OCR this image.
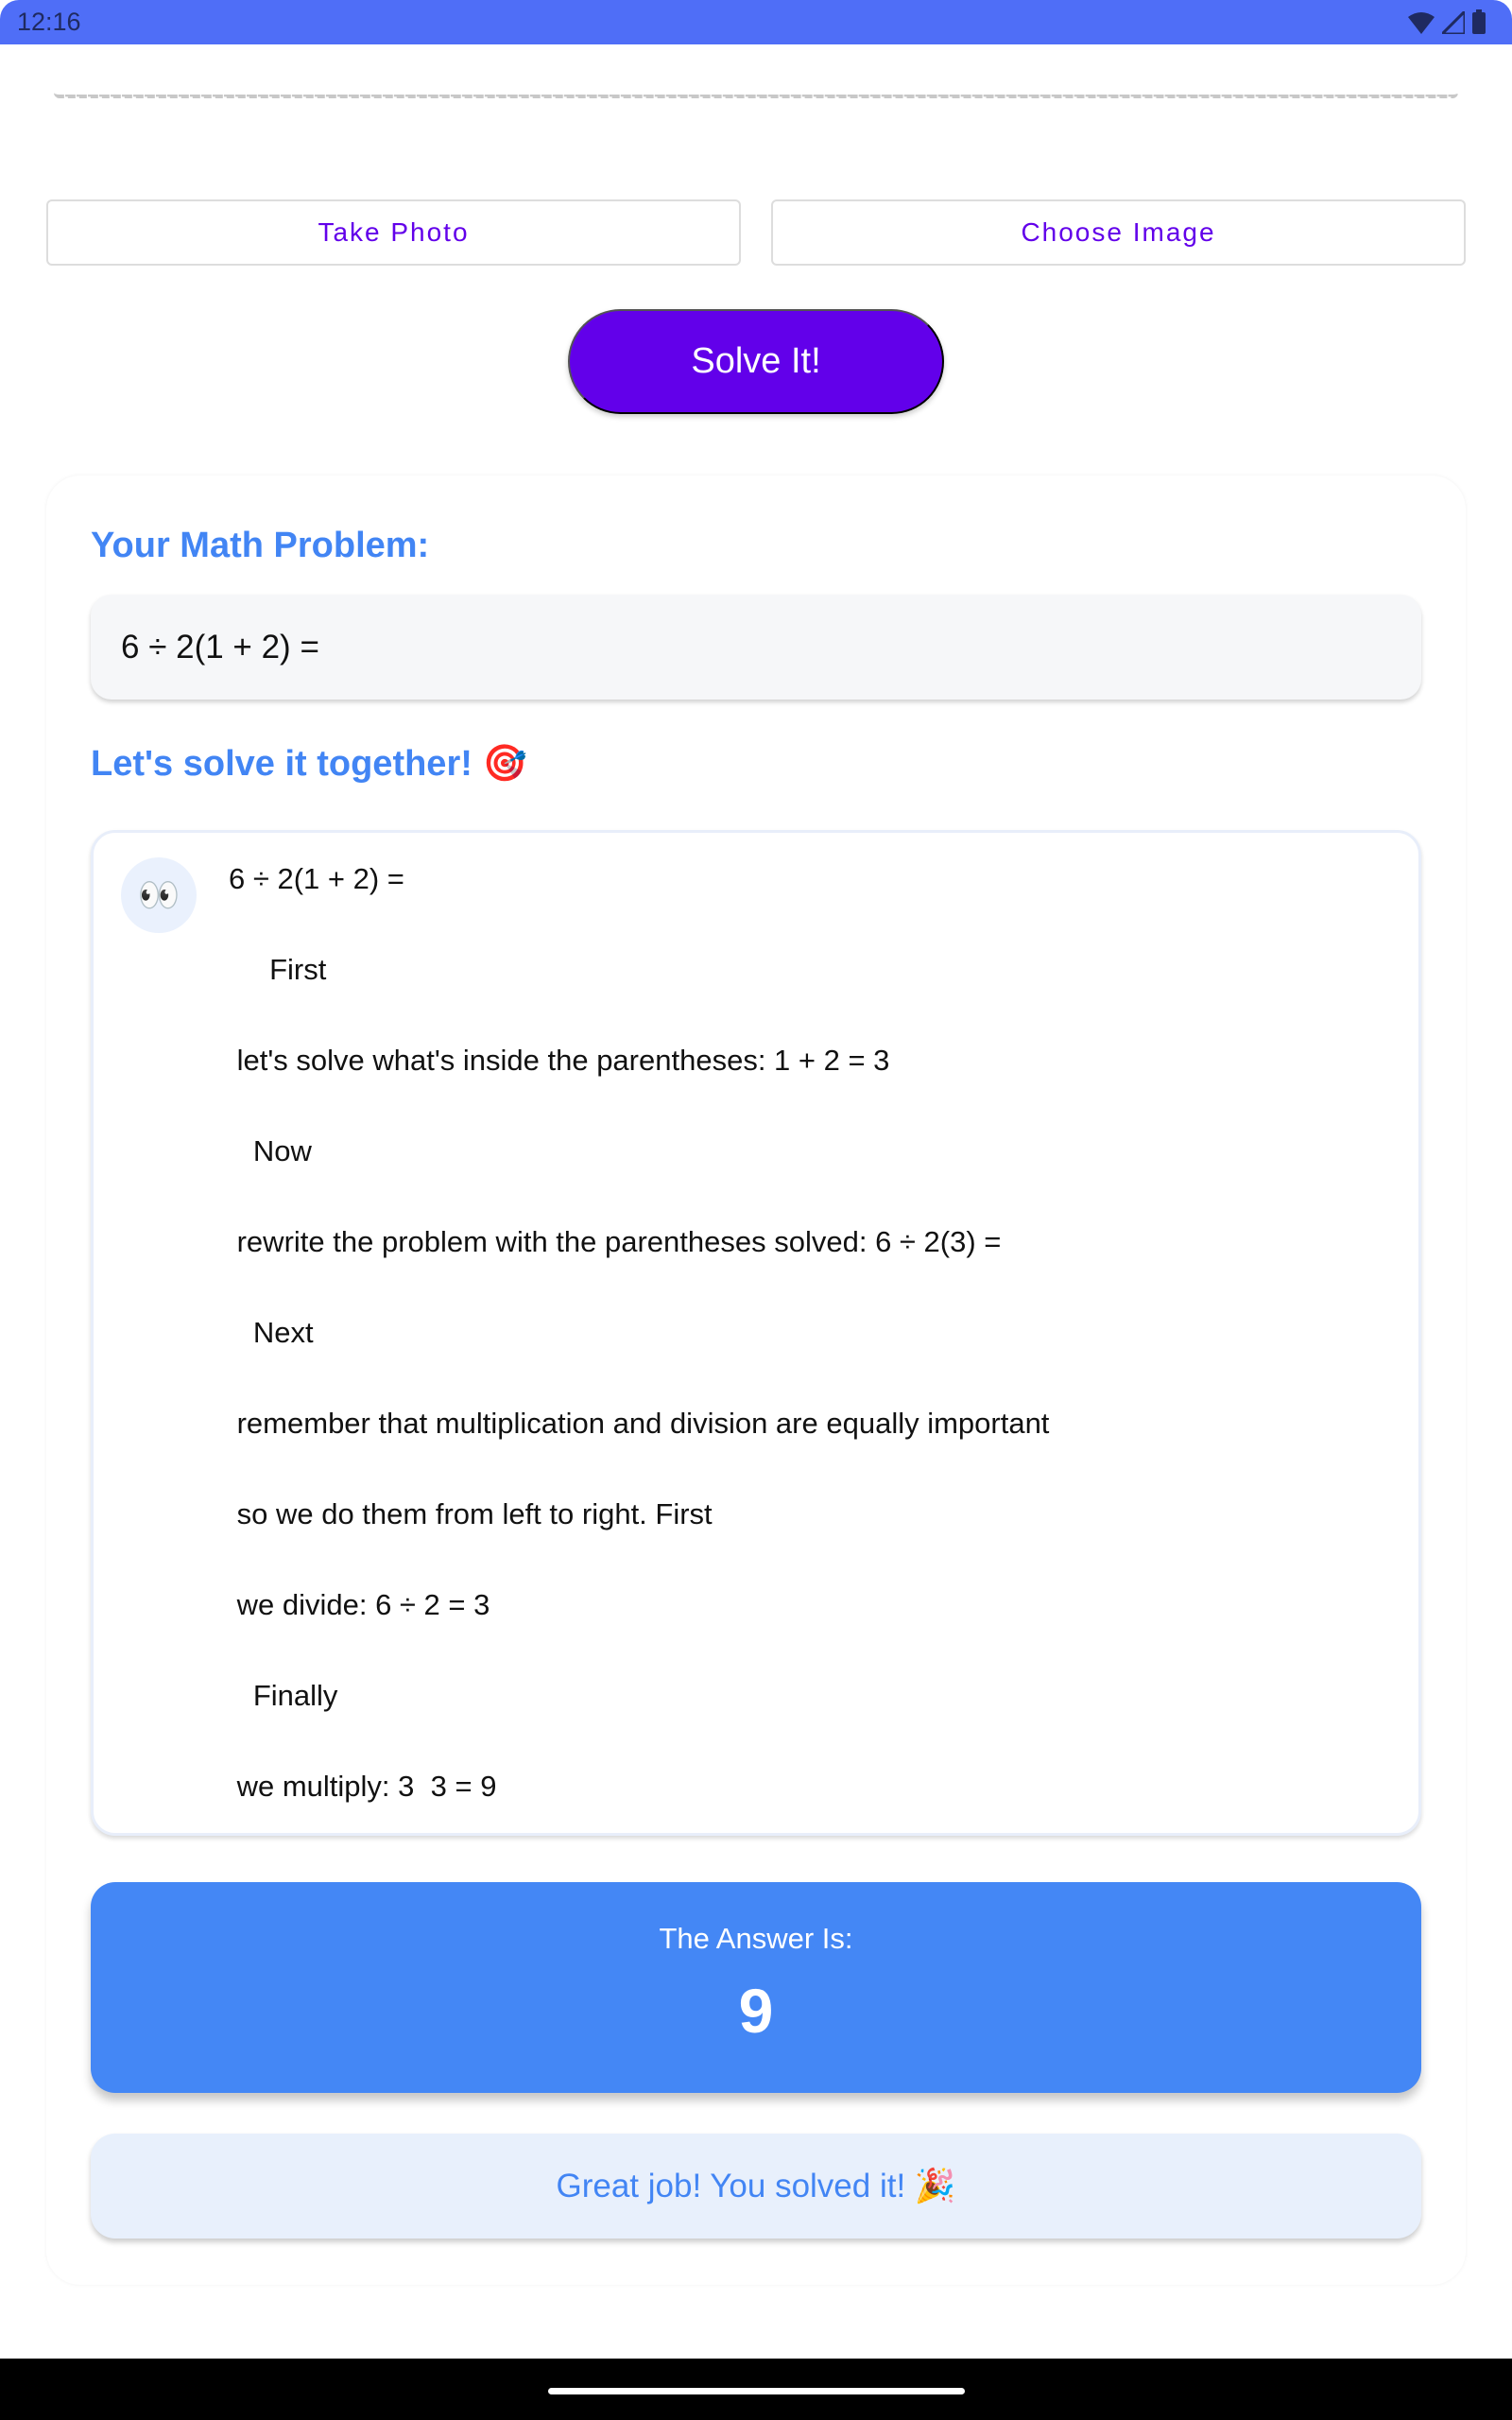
12:16
Take Photo	Choose Image
Solve It!
Your Math Problem:
6 ÷ 2(1 + 2) =
Let's solve it together! 🎯
👀	6 ÷ 2(1 + 2) =
First
let's solve what's inside the parentheses: 1 + 2 = 3
Now
rewrite the problem with the parentheses solved: 6 ÷ 2(3) =
Next
remember that multiplication and division are equally important
so we do them from left to right. First
we divide: 6 ÷ 2 = 3
Finally
we multiply: 3  3 = 9
The Answer Is:
9
Great job! You solved it! 🎉
